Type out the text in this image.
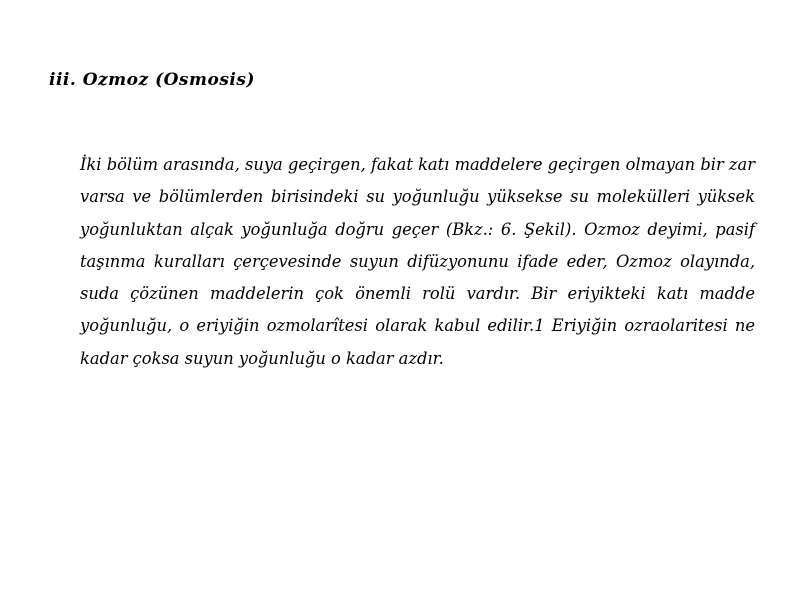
iii. Ozmoz (Osmosis)

İki bölüm arasında, suya geçirgen, fakat katı maddelere geçirgen olmayan bir zar varsa ve bölümlerden birisindeki su yoğunluğu yüksekse su molekülleri yüksek yoğunluktan alçak yoğunluğa doğru geçer (Bkz.: 6. Şekil). Ozmoz deyimi, pasif taşınma kuralları çerçevesinde suyun difüzyonunu ifade eder, Ozmoz olayında, suda çözünen maddelerin çok önemli rolü vardır. Bir eriyikteki katı madde yoğunluğu, o eriyiğin ozmolarîtesi olarak kabul edilir.1 Eriyiğin ozraolaritesi ne kadar çoksa suyun yoğunluğu o kadar azdır.
